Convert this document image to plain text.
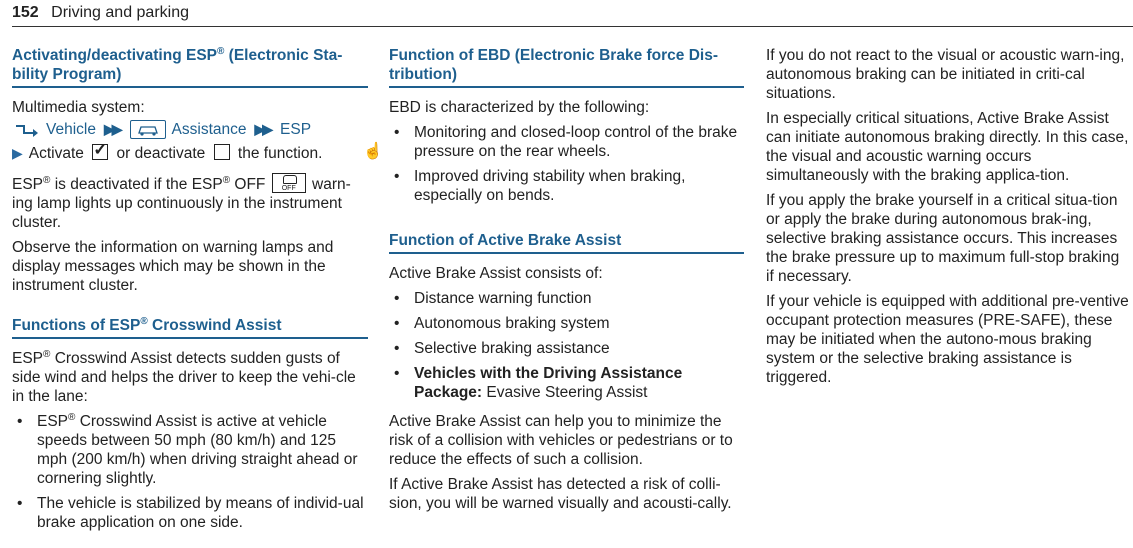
152 Driving and parking
Activating/deactivating ESP® (Electronic Sta-
bility Program)

Multimedia system:

Vehicle ▶▶	Assistance ▶▶ ESP

▶ Activate ✓ or deactivate the function.

ESP® is deactivated if the ESP® OFF	OFF warn-
ing lamp lights up continuously in the instrument
cluster.

Observe the information on warning lamps and display messages which may be shown in the instrument cluster.

Functions of ESP® Crosswind Assist

ESP® Crosswind Assist detects sudden gusts of side wind and helps the driver to keep the vehi-cle in the lane:

• ESP® Crosswind Assist is active at vehicle speeds between 50 mph (80 km/h) and 125 mph (200 km/h) when driving straight ahead or cornering slightly.
• The vehicle is stabilized by means of individ-ual brake application on one side.
☝
Function of EBD (Electronic Brake force Dis-tribution)

EBD is characterized by the following:

• Monitoring and closed-loop control of the brake pressure on the rear wheels.
• Improved driving stability when braking, especially on bends.
Function of Active Brake Assist

Active Brake Assist consists of:

• Distance warning function
• Autonomous braking system
• Selective braking assistance
• Vehicles with the Driving Assistance Package: Evasive Steering Assist

Active Brake Assist can help you to minimize the risk of a collision with vehicles or pedestrians or to reduce the effects of such a collision.

If Active Brake Assist has detected a risk of colli-sion, you will be warned visually and acousti-cally.

If you do not react to the visual or acoustic warn-ing, autonomous braking can be initiated in criti-cal situations.

In especially critical situations, Active Brake Assist can initiate autonomous braking directly. In this case, the visual and acoustic warning occurs simultaneously with the braking applica-tion.

If you apply the brake yourself in a critical situa-tion or apply the brake during autonomous brak-ing, selective braking assistance occurs. This increases the brake pressure up to maximum full-stop braking if necessary.

If your vehicle is equipped with additional pre-ventive occupant protection measures (PRE-SAFE), these may be initiated when the autono-mous braking system or the selective braking assistance is triggered.
